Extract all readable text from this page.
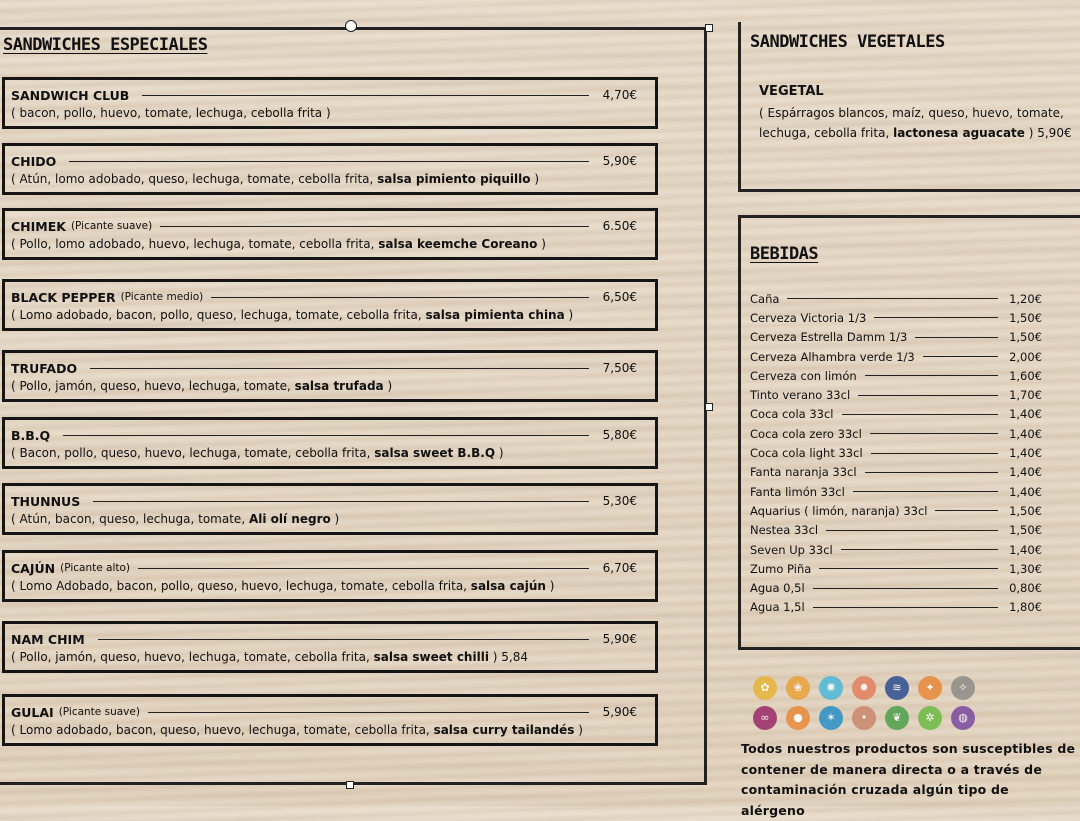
SANDWICHES ESPECIALES
SANDWICH CLUB	4,70€
( bacon, pollo, huevo, tomate, lechuga, cebolla frita )
CHIDO	5,90€
( Atún, lomo adobado, queso, lechuga, tomate, cebolla frita, salsa pimiento piquillo )
CHIMEK (Picante suave)	6.50€
( Pollo, lomo adobado, huevo, lechuga, tomate, cebolla frita, salsa keemche Coreano )
BLACK PEPPER (Picante medio)	6,50€
( Lomo adobado, bacon, pollo, queso, lechuga, tomate, cebolla frita, salsa pimienta china )
TRUFADO	7,50€
( Pollo, jamón, queso, huevo, lechuga, tomate, salsa trufada )
B.B.Q	5,80€
( Bacon, pollo, queso, huevo, lechuga, tomate, cebolla frita, salsa sweet B.B.Q )
THUNNUS	5,30€
( Atún, bacon, queso, lechuga, tomate, Ali olí negro )
CAJÚN (Picante alto)	6,70€
( Lomo Adobado, bacon, pollo, queso, huevo, lechuga, tomate, cebolla frita, salsa cajún )
NAM CHIM	5,90€
( Pollo, jamón, queso, huevo, lechuga, tomate, cebolla frita, salsa sweet chilli ) 5,84
GULAI (Picante suave)	5,90€
( Lomo adobado, bacon, queso, huevo, lechuga, tomate, cebolla frita, salsa curry tailandés )
SANDWICHES VEGETALES
VEGETAL
( Espárragos blancos, maíz, queso, huevo, tomate, lechuga, cebolla frita, lactonesa aguacate ) 5,90€
BEBIDAS
Caña	1,20€
Cerveza Victoria 1/3	1,50€
Cerveza Estrella Damm 1/3	1,50€
Cerveza Alhambra verde 1/3	2,00€
Cerveza con limón	1,60€
Tinto verano 33cl	1,70€
Coca cola 33cl	1,40€
Coca cola zero 33cl	1,40€
Coca cola light 33cl	1,40€
Fanta naranja 33cl	1,40€
Fanta limón 33cl	1,40€
Aquarius ( limón, naranja) 33cl	1,50€
Nestea 33cl	1,50€
Seven Up 33cl	1,40€
Zumo Piña	1,30€
Agua 0,5l	0,80€
Agua 1,5l	1,80€
✿	❀	✺	✹	≋	✦	✧
∞	●	✶	•	❦	✲	◍
Todos nuestros productos son susceptibles de contener de manera directa o a través de contaminación cruzada algún tipo de alérgeno
